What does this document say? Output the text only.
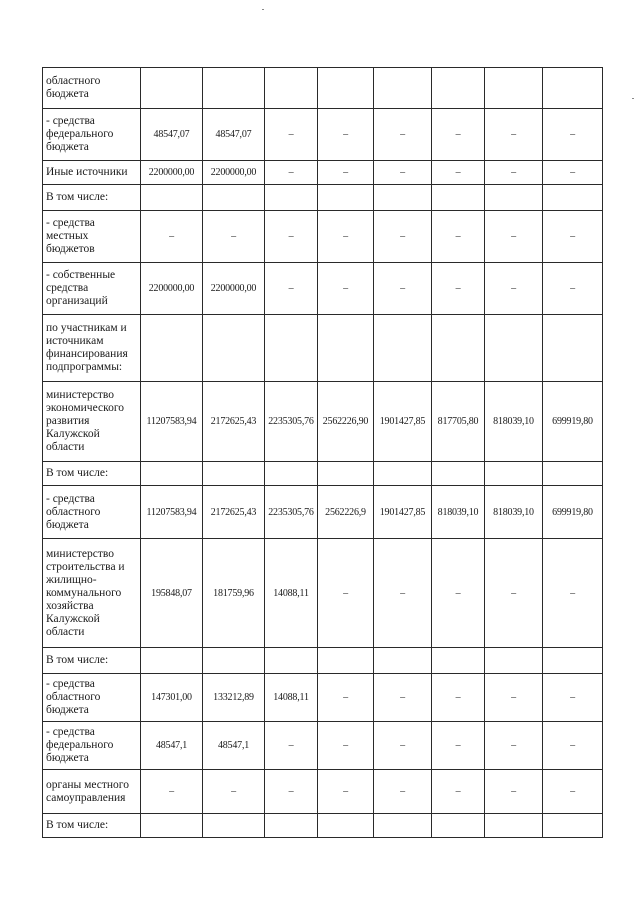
областного бюджета								
- средства федерального бюджета	48547,07	48547,07	–	–	–	–	–	–
Иные источники	2200000,00	2200000,00	–	–	–	–	–	–
В том числе:								
- средства местных бюджетов	–	–	–	–	–	–	–	–
- собственные средства организаций	2200000,00	2200000,00	–	–	–	–	–	–
по участникам и источникам финансирования подпрограммы:								
министерство экономического развития Калужской области	11207583,94	2172625,43	2235305,76	2562226,90	1901427,85	817705,80	818039,10	699919,80
В том числе:								
- средства областного бюджета	11207583,94	2172625,43	2235305,76	2562226,9	1901427,85	818039,10	818039,10	699919,80
министерство строительства и жилищно-коммунального хозяйства Калужской области	195848,07	181759,96	14088,11	–	–	–	–	–
В том числе:								
- средства областного бюджета	147301,00	133212,89	14088,11	–	–	–	–	–
- средства федерального бюджета	48547,1	48547,1	–	–	–	–	–	–
органы местного самоуправления	–	–	–	–	–	–	–	–
В том числе:								
